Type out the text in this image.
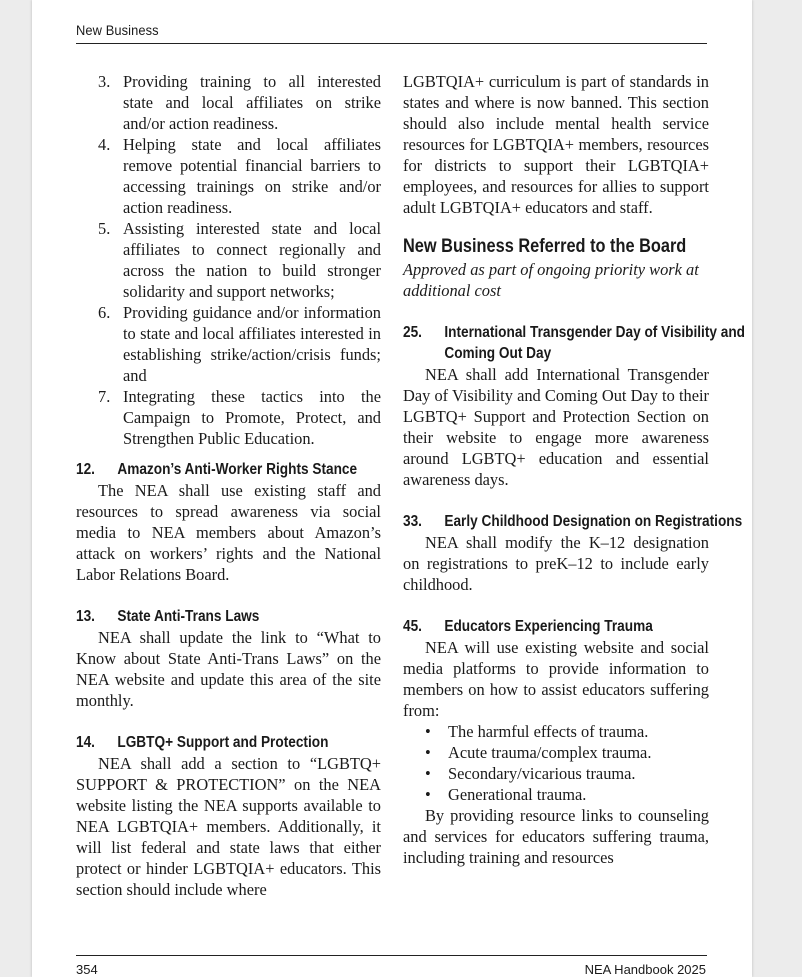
New Business
3. Providing training to all interested state and local affiliates on strike and/or action readiness.
4. Helping state and local affiliates remove potential financial barriers to accessing trainings on strike and/or action readiness.
5. Assisting interested state and local affiliates to connect regionally and across the nation to build stronger solidarity and support networks;
6. Providing guidance and/or information to state and local affiliates interested in establishing strike/action/crisis funds; and
7. Integrating these tactics into the Campaign to Promote, Protect, and Strengthen Public Education.
12. Amazon’s Anti-Worker Rights Stance

The NEA shall use existing staff and resources to spread awareness via social media to NEA members about Amazon’s attack on workers’ rights and the National Labor Relations Board.

13. State Anti-Trans Laws

NEA shall update the link to “What to Know about State Anti-Trans Laws” on the NEA website and update this area of the site monthly.

14. LGBTQ+ Support and Protection

NEA shall add a section to “LGBTQ+ SUPPORT & PROTECTION” on the NEA website listing the NEA supports available to NEA LGBTQIA+ members. Additionally, it will list federal and state laws that either protect or hinder LGBTQIA+ educators. This section should include where

LGBTQIA+ curriculum is part of standards in states and where is now banned. This section should also include mental health service resources for LGBTQIA+ members, resources for districts to support their LGBTQIA+ employees, and resources for allies to support adult LGBTQIA+ educators and staff.

New Business Referred to the Board
Approved as part of ongoing priority work at additional cost
25. International Transgender Day of Visibility and Coming Out Day

NEA shall add International Transgender Day of Visibility and Coming Out Day to their LGBTQ+ Support and Protection Section on their website to engage more awareness around LGBTQ+ education and essential awareness days.

33. Early Childhood Designation on Registrations

NEA shall modify the K–12 designation on registrations to preK–12 to include early childhood.

45. Educators Experiencing Trauma

NEA will use existing website and social media platforms to provide information to members on how to assist educators suffering from:

• The harmful effects of trauma.
• Acute trauma/complex trauma.
• Secondary/vicarious trauma.
• Generational trauma.

By providing resource links to counseling and services for educators suffering trauma, including training and resources

354	NEA Handbook 2025
